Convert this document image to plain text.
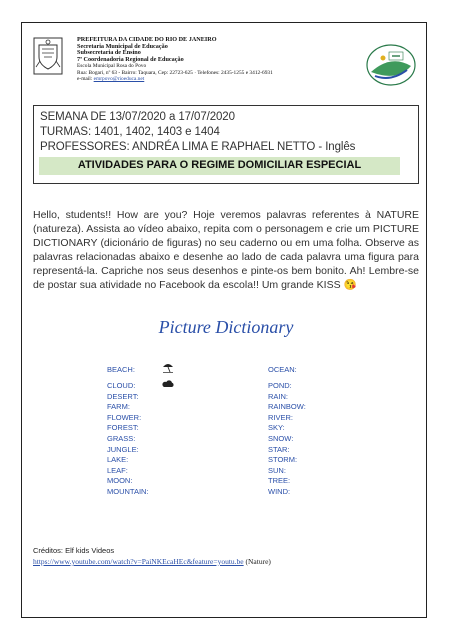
PREFEITURA DA CIDADE DO RIO DE JANEIRO
Secretaria Municipal de Educação
Subsecretaria de Ensino
7ª Coordenadoria Regional de Educação
Escola Municipal Rosa do Povo
Rua: Bogari, nº 63 - Bairro: Taquara, Cep: 22723-625 · Telefones: 2435-1255 e 3412-6931
e-mail: emrpovo@rioeduca.net
SEMANA DE 13/07/2020 a 17/07/2020
TURMAS: 1401, 1402, 1403 e 1404
PROFESSORES: ANDRÉA LIMA E RAPHAEL NETTO - Inglês
ATIVIDADES PARA O REGIME DOMICILIAR ESPECIAL
Hello, students!! How are you? Hoje veremos palavras referentes à NATURE (natureza). Assista ao vídeo abaixo, repita com o personagem e crie um PICTURE DICTIONARY (dicionário de figuras) no seu caderno ou em uma folha. Observe as palavras relacionadas abaixo e desenhe ao lado de cada palavra uma figura para representá-la. Capriche nos seus desenhos e pinte-os bem bonito. Ah! Lembre-se de postar sua atividade no Facebook da escola!! Um grande KISS 😘
Picture Dictionary
BEACH:
CLOUD:
DESERT:
FARM:
FLOWER:
FOREST:
GRASS:
JUNGLE:
LAKE:
LEAF:
MOON:
MOUNTAIN:
OCEAN:
POND:
RAIN:
RAINBOW:
RIVER:
SKY:
SNOW:
STAR:
STORM:
SUN:
TREE:
WIND:
Créditos: Elf kids Videos
https://www.youtube.com/watch?v=PaiNKEcaHEc&feature=youtu.be (Nature)
